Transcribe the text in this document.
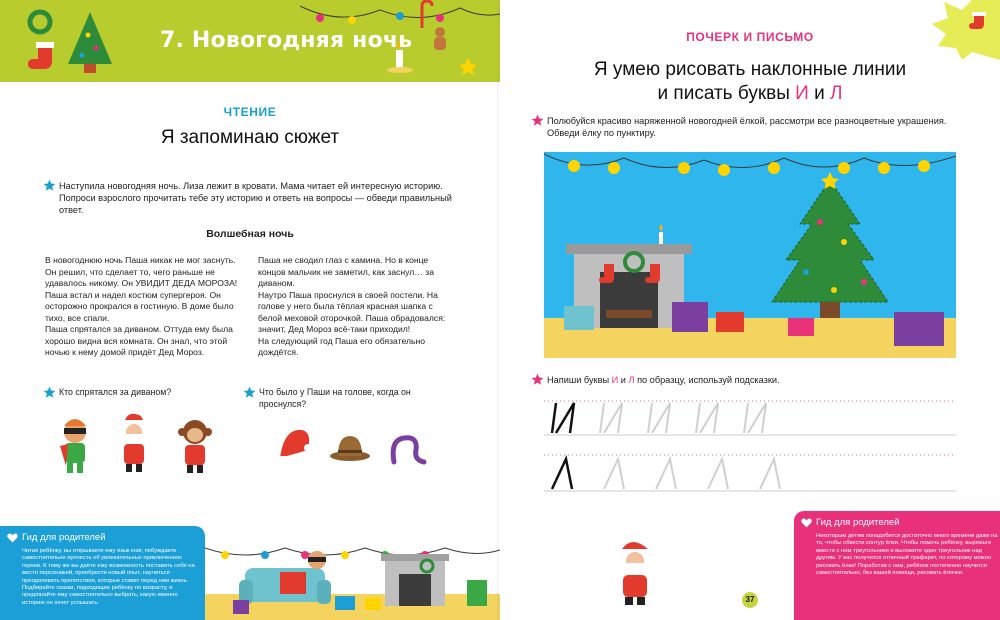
7. Новогодняя ночь
ЧТЕНИЕ
Я запоминаю сюжет
Наступила новогодняя ночь. Лиза лежит в кровати. Мама читает ей интересную историю. Попроси взрослого прочитать тебе эту историю и ответь на вопросы — обведи правильный ответ.
Волшебная ночь

В новогоднюю ночь Паша никак не мог заснуть. Он решил, что сделает то, чего раньше не удавалось никому. Он УВИДИТ ДЕДА МОРОЗА!

Паша встал и надел костюм супергероя. Он осторожно прокрался в гостиную. В доме было тихо, все спали.

Паша спрятался за диваном. Оттуда ему была хорошо видна вся комната. Он знал, что этой ночью к нему домой придёт Дед Мороз.

Паша не сводил глаз с камина. Но в конце концов мальчик не заметил, как заснул… за диваном.

Наутро Паша проснулся в своей постели. На голове у него была тёплая красная шапка с белой меховой оторочкой. Паша обрадовался: значит, Дед Мороз всё-таки приходил!

На следующий год Паша его обязательно дождётся.

Кто спрятался за диваном?	Что было у Паши на голове, когда он проснулся?
Гид для родителей
Читая ребёнку, вы открываете ему язык книг, побуждаете самостоятельно прочесть об увлекательных приключениях героев. К тому же вы даёте ему возможность поставить себя на место персонажей, приобрести новый опыт, научиться преодолевать препятствия, которые ставит перед ним жизнь. Подбирайте сказки, подходящие ребёнку по возрасту, и предлагайте ему самостоятельно выбрать, какую именно историю он хочет услышать.
ПОЧЕРК И ПИСЬМО
Я умею рисовать наклонные линии
и писать буквы И и Л
Полюбуйся красиво наряженной новогодней ёлкой, рассмотри все разноцветные украшения. Обведи ёлку по пунктиру.
Напиши буквы И и Л по образцу, используй подсказки.
37
Гид для родителей
Некоторым детям понадобится достаточно много времени даже на то, чтобы обвести контур ёлки. Чтобы помочь ребёнку, вырежьте вместе с ним треугольники и выложите один треугольник над другим. У вас получится отличный трафарет, по которому можно рисовать ёлки! Поработав с ним, ребёнок постепенно научится самостоятельно, без вашей помощи, рисовать ёлочки.
